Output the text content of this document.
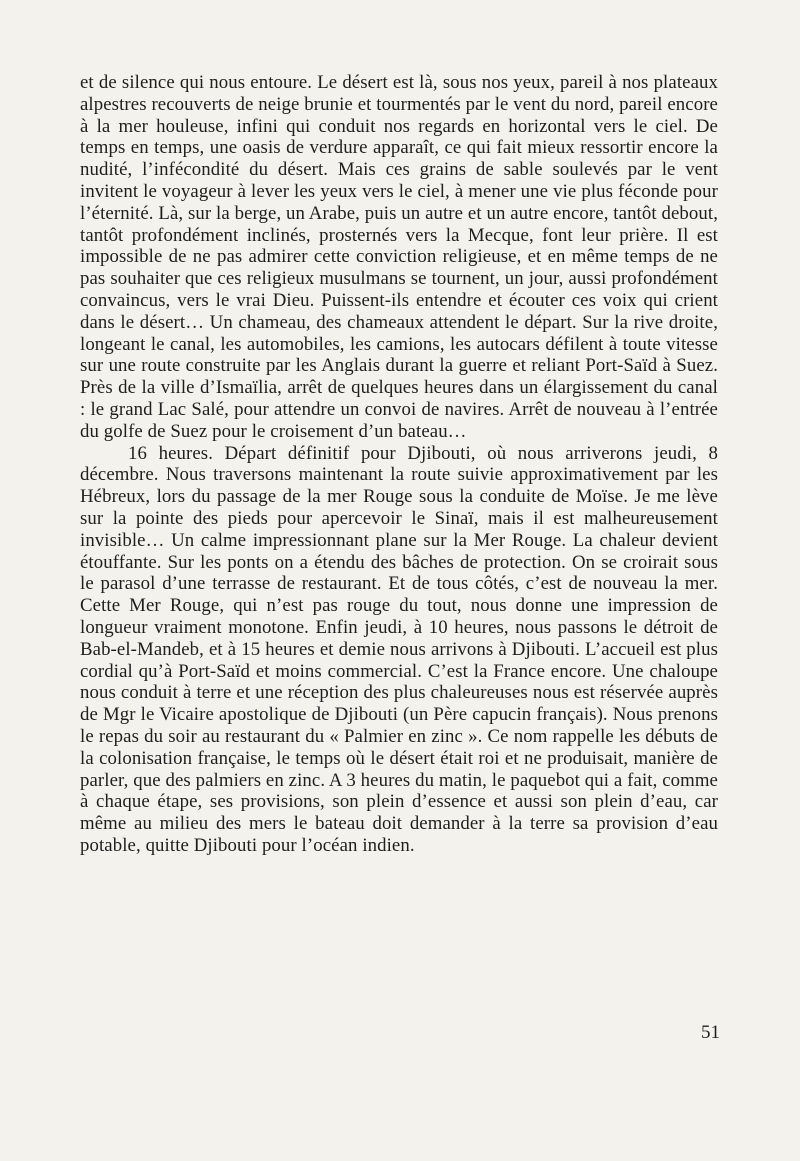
et de silence qui nous entoure. Le désert est là, sous nos yeux, pareil à nos plateaux alpestres recouverts de neige brunie et tourmentés par le vent du nord, pareil encore à la mer houleuse, infini qui conduit nos regards en horizontal vers le ciel. De temps en temps, une oasis de verdure apparaît, ce qui fait mieux ressortir encore la nudité, l’infécondité du désert. Mais ces grains de sable soulevés par le vent invitent le voyageur à lever les yeux vers le ciel, à mener une vie plus féconde pour l’éternité. Là, sur la berge, un Arabe, puis un autre et un autre encore, tantôt debout, tantôt profondément inclinés, prosternés vers la Mecque, font leur prière. Il est impossible de ne pas admirer cette conviction religieuse, et en même temps de ne pas souhaiter que ces religieux musulmans se tournent, un jour, aussi profondément convaincus, vers le vrai Dieu. Puissent-ils entendre et écouter ces voix qui crient dans le désert… Un chameau, des chameaux attendent le départ. Sur la rive droite, longeant le canal, les automobiles, les camions, les autocars défilent à toute vitesse sur une route construite par les Anglais durant la guerre et reliant Port-Saïd à Suez. Près de la ville d’Ismaïlia, arrêt de quelques heures dans un élargissement du canal : le grand Lac Salé, pour attendre un convoi de navires. Arrêt de nouveau à l’entrée du golfe de Suez pour le croisement d’un bateau…

16 heures. Départ définitif pour Djibouti, où nous arriverons jeudi, 8 décembre. Nous traversons maintenant la route suivie approximativement par les Hébreux, lors du passage de la mer Rouge sous la conduite de Moïse. Je me lève sur la pointe des pieds pour apercevoir le Sinaï, mais il est malheureusement invisible… Un calme impressionnant plane sur la Mer Rouge. La chaleur devient étouffante. Sur les ponts on a étendu des bâches de protection. On se croirait sous le parasol d’une terrasse de restaurant. Et de tous côtés, c’est de nouveau la mer. Cette Mer Rouge, qui n’est pas rouge du tout, nous donne une impression de longueur vraiment monotone. Enfin jeudi, à 10 heures, nous passons le détroit de Bab-el-Mandeb, et à 15 heures et demie nous arrivons à Djibouti. L’accueil est plus cordial qu’à Port-Saïd et moins commercial. C’est la France encore. Une chaloupe nous conduit à terre et une réception des plus chaleureuses nous est réservée auprès de Mgr le Vicaire apostolique de Djibouti (un Père capucin français). Nous prenons le repas du soir au restaurant du « Palmier en zinc ». Ce nom rappelle les débuts de la colonisation française, le temps où le désert était roi et ne produisait, manière de parler, que des palmiers en zinc. A 3 heures du matin, le paquebot qui a fait, comme à chaque étape, ses provisions, son plein d’essence et aussi son plein d’eau, car même au milieu des mers le bateau doit demander à la terre sa provision d’eau potable, quitte Djibouti pour l’océan indien.

51
